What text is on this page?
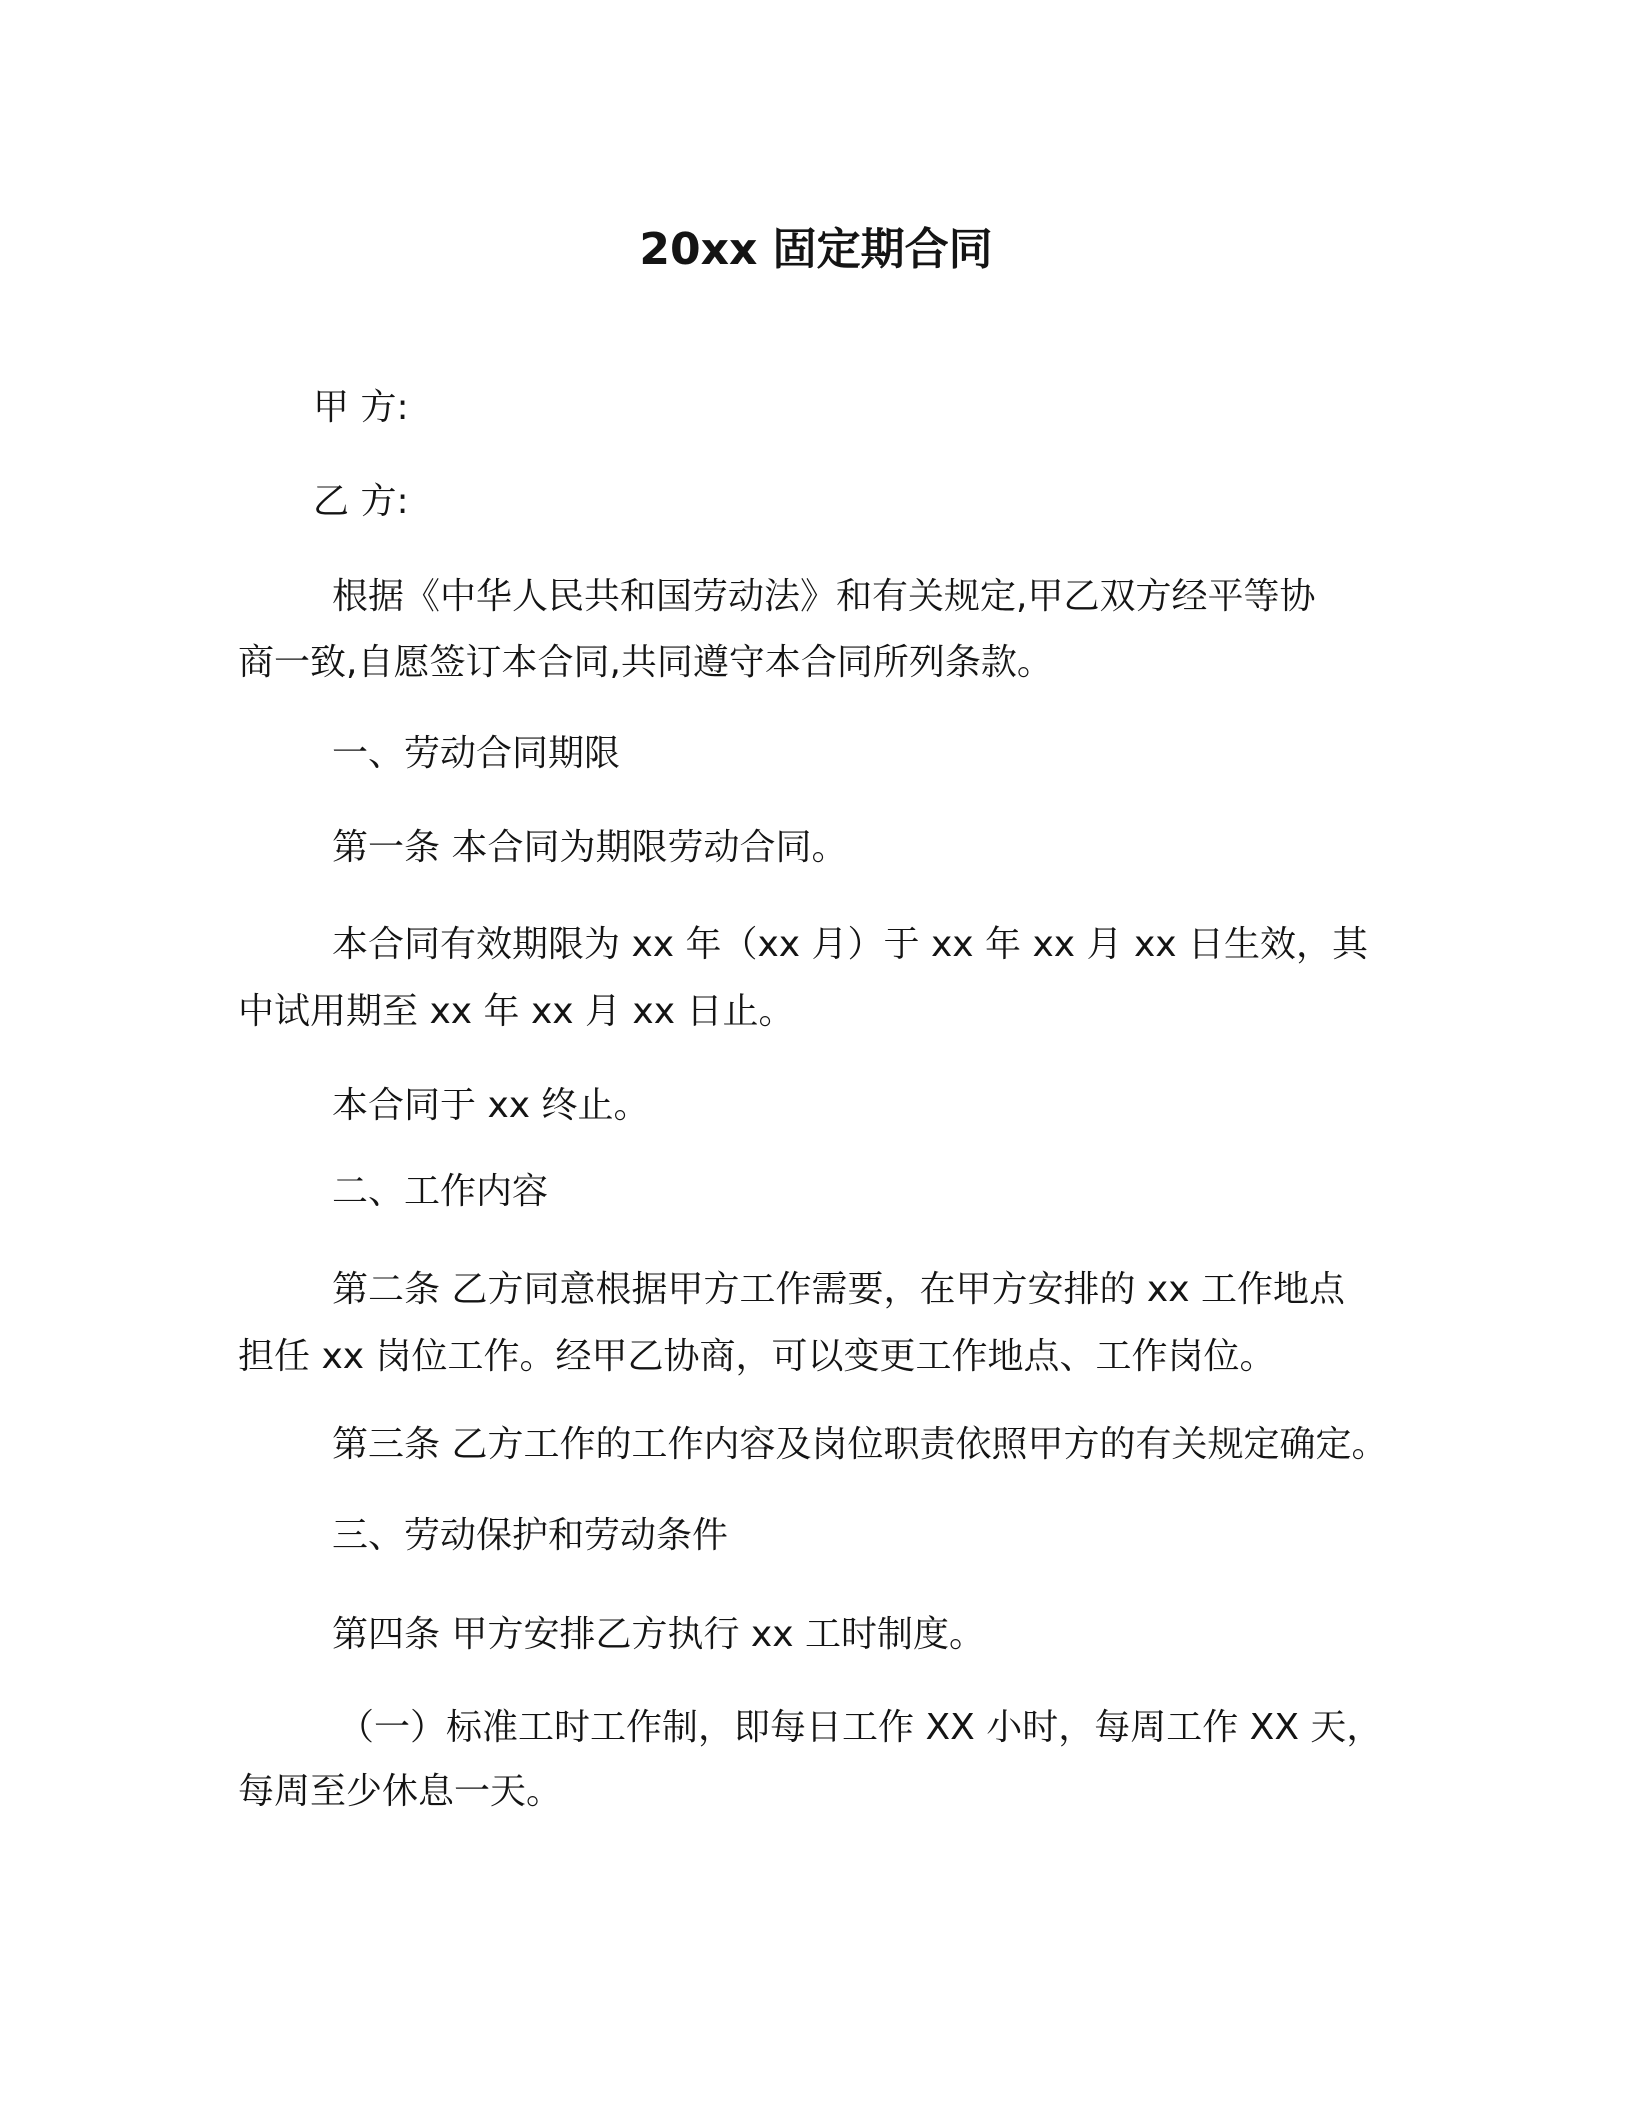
20xx 固定期合同

甲 方:

乙 方:

根据《中华人民共和国劳动法》和有关规定,甲乙双方经平等协

商一致,自愿签订本合同,共同遵守本合同所列条款。

一、劳动合同期限

第一条 本合同为期限劳动合同。

本合同有效期限为 xx 年（xx 月）于 xx 年 xx 月 xx 日生效，其

中试用期至 xx 年 xx 月 xx 日止。

本合同于 xx 终止。

二、工作内容

第二条 乙方同意根据甲方工作需要，在甲方安排的 xx 工作地点

担任 xx 岗位工作。经甲乙协商，可以变更工作地点、工作岗位。

第三条 乙方工作的工作内容及岗位职责依照甲方的有关规定确定。

三、劳动保护和劳动条件

第四条 甲方安排乙方执行 xx 工时制度。

（一）标准工时工作制，即每日工作 XX 小时，每周工作 XX 天，

每周至少休息一天。
